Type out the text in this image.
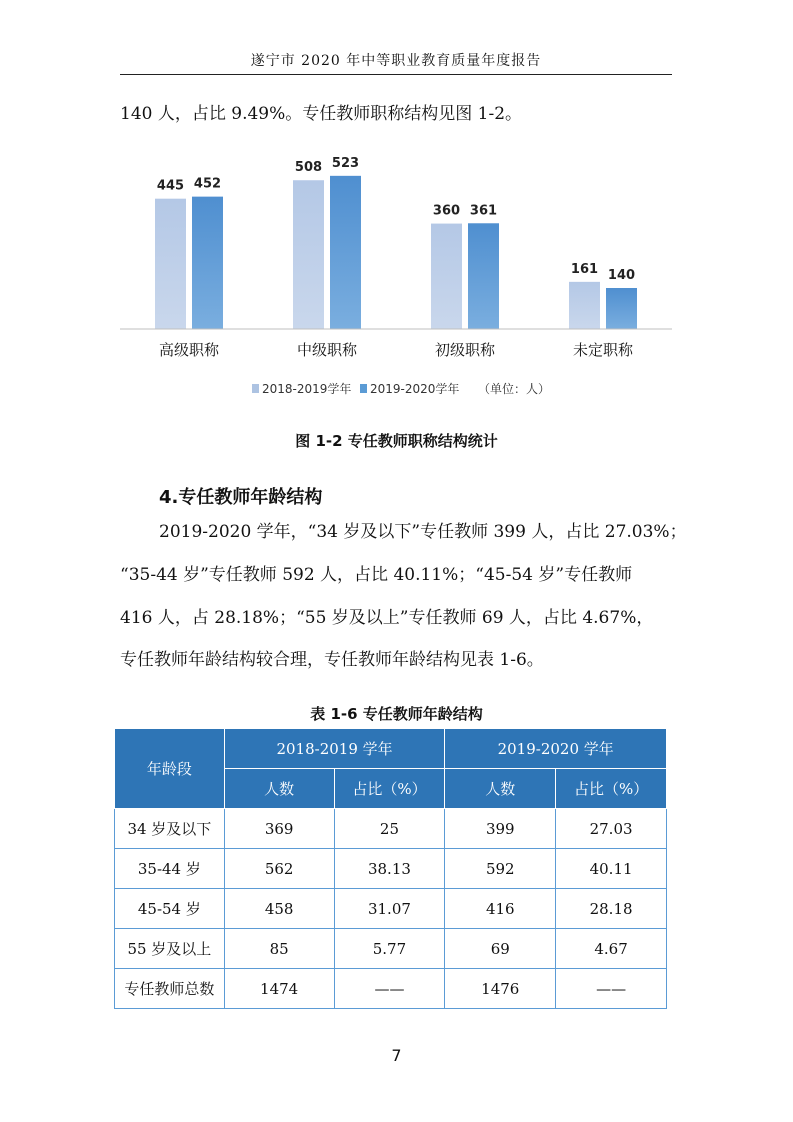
遂宁市 2020 年中等职业教育质量年度报告
140 人，占比 9.49%。专任教师职称结构见图 1-2。
445 452
508 523
360 361
161 140
高级职称	中级职称	初级职称	未定职称
2018-2019学年 2019-2020学年 （单位：人）
图 1-2 专任教师职称结构统计
4.专任教师年龄结构
2019-2020 学年，“34 岁及以下”专任教师 399 人，占比 27.03%；
“35-44 岁”专任教师 592 人，占比 40.11%；“45-54 岁”专任教师
416 人，占 28.18%；“55 岁及以上”专任教师 69 人，占比 4.67%，
专任教师年龄结构较合理，专任教师年龄结构见表 1-6。
表 1-6 专任教师年龄结构
年龄段	2018-2019 学年		2019-2020 学年	
	人数	占比（%）	人数	占比（%）
34 岁及以下	369	25	399	27.03
35-44 岁	562	38.13	592	40.11
45-54 岁	458	31.07	416	28.18
55 岁及以上	85	5.77	69	4.67
专任教师总数	1474	——	1476	——
7
